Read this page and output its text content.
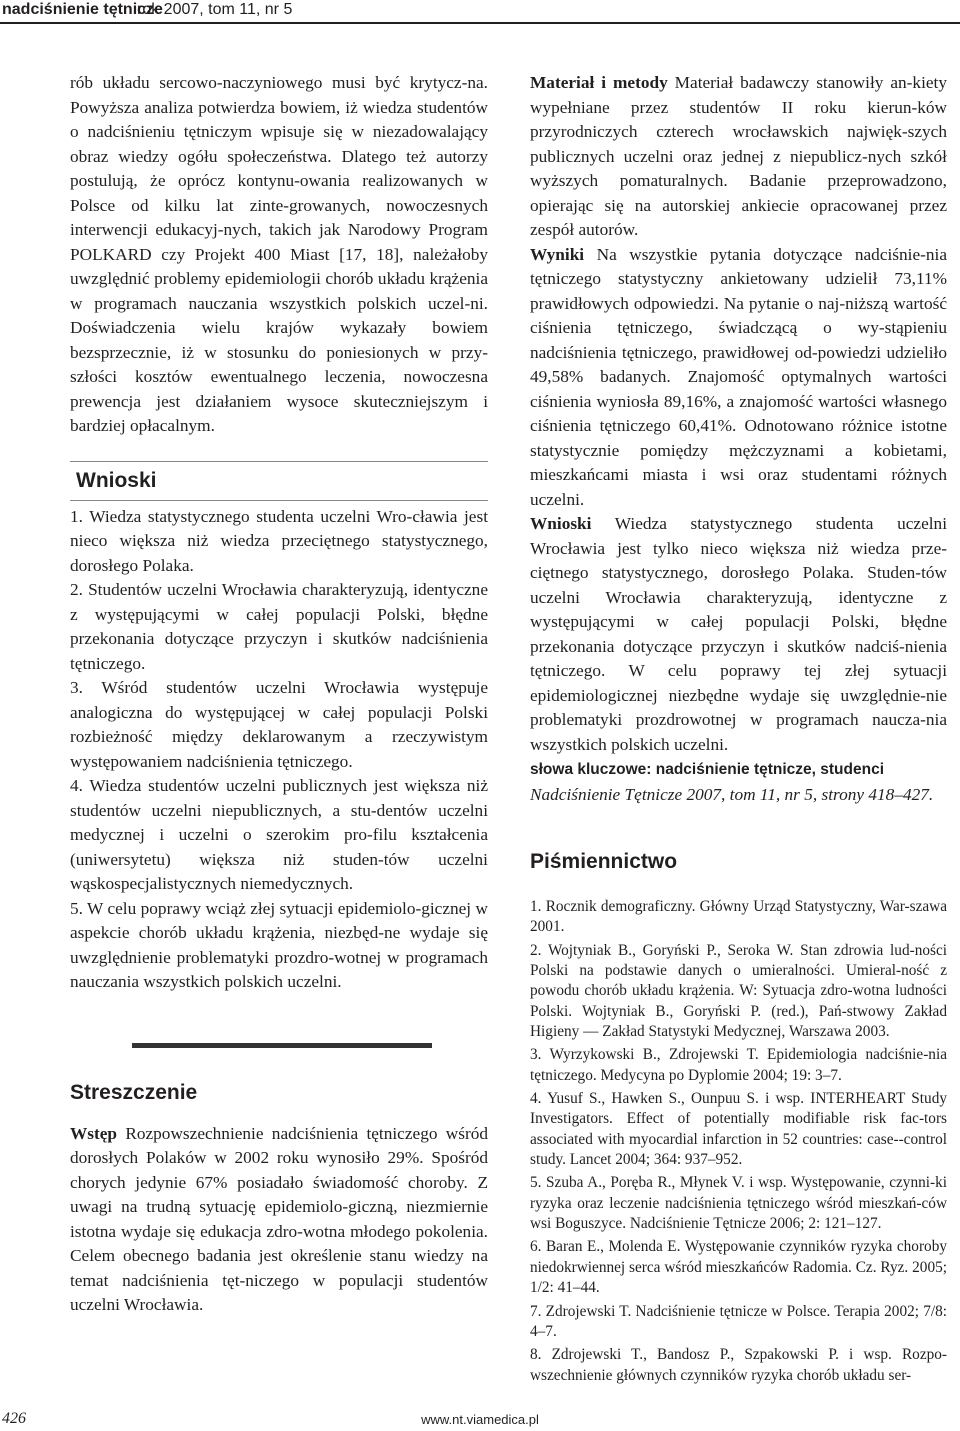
nadciśnienie tętnicze
rok 2007, tom 11, nr 5

rób układu sercowo-naczyniowego musi być krytycz-na. Powyższa analiza potwierdza bowiem, iż wiedza studentów o nadciśnieniu tętniczym wpisuje się w niezadowalający obraz wiedzy ogółu społeczeństwa. Dlatego też autorzy postulują, że oprócz kontynu-owania realizowanych w Polsce od kilku lat zinte-growanych, nowoczesnych interwencji edukacyj-nych, takich jak Narodowy Program POLKARD czy Projekt 400 Miast [17, 18], należałoby uwzględnić problemy epidemiologii chorób układu krążenia w programach nauczania wszystkich polskich uczel-ni. Doświadczenia wielu krajów wykazały bowiem bezsprzecznie, iż w stosunku do poniesionych w przy-szłości kosztów ewentualnego leczenia, nowoczesna prewencja jest działaniem wysoce skuteczniejszym i bardziej opłacalnym.

Wnioski

1. Wiedza statystycznego studenta uczelni Wro-cławia jest nieco większa niż wiedza przeciętnego statystycznego, dorosłego Polaka.

2. Studentów uczelni Wrocławia charakteryzują, identyczne z występującymi w całej populacji Polski, błędne przekonania dotyczące przyczyn i skutków nadciśnienia tętniczego.

3. Wśród studentów uczelni Wrocławia występuje analogiczna do występującej w całej populacji Polski rozbieżność między deklarowanym a rzeczywistym występowaniem nadciśnienia tętniczego.

4. Wiedza studentów uczelni publicznych jest większa niż studentów uczelni niepublicznych, a stu-dentów uczelni medycznej i uczelni o szerokim pro-filu kształcenia (uniwersytetu) większa niż studen-tów uczelni wąskospecjalistycznych niemedycznych.

5. W celu poprawy wciąż złej sytuacji epidemiolo-gicznej w aspekcie chorób układu krążenia, niezbęd-ne wydaje się uwzględnienie problematyki prozdro-wotnej w programach nauczania wszystkich polskich uczelni.

Streszczenie

Wstęp Rozpowszechnienie nadciśnienia tętniczego wśród dorosłych Polaków w 2002 roku wynosiło 29%. Spośród chorych jedynie 67% posiadało świadomość choroby. Z uwagi na trudną sytuację epidemiolo-giczną, niezmiernie istotna wydaje się edukacja zdro-wotna młodego pokolenia. Celem obecnego badania jest określenie stanu wiedzy na temat nadciśnienia tęt-niczego w populacji studentów uczelni Wrocławia.

Materiał i metody Materiał badawczy stanowiły an-kiety wypełniane przez studentów II roku kierun-ków przyrodniczych czterech wrocławskich najwięk-szych publicznych uczelni oraz jednej z niepublicz-nych szkół wyższych pomaturalnych. Badanie przeprowadzono, opierając się na autorskiej ankiecie opracowanej przez zespół autorów.

Wyniki Na wszystkie pytania dotyczące nadciśnie-nia tętniczego statystyczny ankietowany udzielił 73,11% prawidłowych odpowiedzi. Na pytanie o naj-niższą wartość ciśnienia tętniczego, świadczącą o wy-stąpieniu nadciśnienia tętniczego, prawidłowej od-powiedzi udzieliło 49,58% badanych. Znajomość optymalnych wartości ciśnienia wyniosła 89,16%, a znajomość wartości własnego ciśnienia tętniczego 60,41%. Odnotowano różnice istotne statystycznie pomiędzy mężczyznami a kobietami, mieszkańcami miasta i wsi oraz studentami różnych uczelni.

Wnioski Wiedza statystycznego studenta uczelni Wrocławia jest tylko nieco większa niż wiedza prze-ciętnego statystycznego, dorosłego Polaka. Studen-tów uczelni Wrocławia charakteryzują, identyczne z występującymi w całej populacji Polski, błędne przekonania dotyczące przyczyn i skutków nadciś-nienia tętniczego. W celu poprawy tej złej sytuacji epidemiologicznej niezbędne wydaje się uwzględnie-nie problematyki prozdrowotnej w programach naucza-nia wszystkich polskich uczelni.

słowa kluczowe: nadciśnienie tętnicze, studenci

Nadciśnienie Tętnicze 2007, tom 11, nr 5, strony 418–427.

Piśmiennictwo
1. Rocznik demograficzny. Główny Urząd Statystyczny, War-szawa 2001.
2. Wojtyniak B., Goryński P., Seroka W. Stan zdrowia lud-ności Polski na podstawie danych o umieralności. Umieral-ność z powodu chorób układu krążenia. W: Sytuacja zdro-wotna ludności Polski. Wojtyniak B., Goryński P. (red.), Pań-stwowy Zakład Higieny — Zakład Statystyki Medycznej, Warszawa 2003.
3. Wyrzykowski B., Zdrojewski T. Epidemiologia nadciśnie-nia tętniczego. Medycyna po Dyplomie 2004; 19: 3–7.
4. Yusuf S., Hawken S., Ounpuu S. i wsp. INTERHEART Study Investigators. Effect of potentially modifiable risk fac-tors associated with myocardial infarction in 52 countries: case--control study. Lancet 2004; 364: 937–952.
5. Szuba A., Poręba R., Młynek V. i wsp. Występowanie, czynni-ki ryzyka oraz leczenie nadciśnienia tętniczego wśród mieszkań-ców wsi Boguszyce. Nadciśnienie Tętnicze 2006; 2: 121–127.
6. Baran E., Molenda E. Występowanie czynników ryzyka choroby niedokrwiennej serca wśród mieszkańców Radomia. Cz. Ryz. 2005; 1/2: 41–44.
7. Zdrojewski T. Nadciśnienie tętnicze w Polsce. Terapia 2002; 7/8: 4–7.
8. Zdrojewski T., Bandosz P., Szpakowski P. i wsp. Rozpo-wszechnienie głównych czynników ryzyka chorób układu ser-
426	www.nt.viamedica.pl
